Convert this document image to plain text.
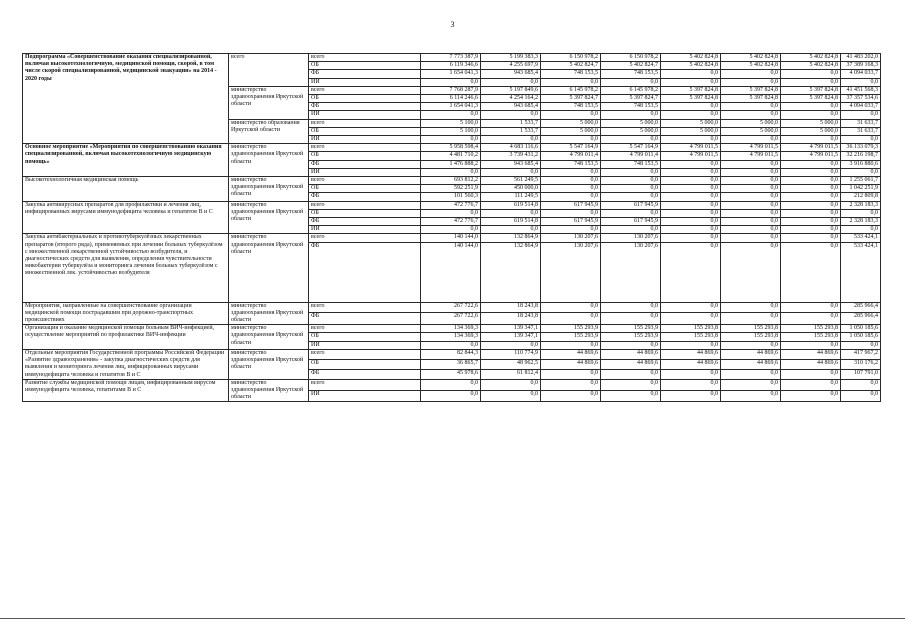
3
Подпрограмма «Совершенствование оказания специализированной, включая высокотехнологичную, медицинской помощи, скорой, в том числе скорой специализированной, медицинской эвакуации» на 2014 - 2020 годы	всего	всего	7 773 387,9	5 199 383,3	6 150 978,2	6 150 978,2	5 402 824,8	5 402 824,8	5 402 824,8	41 483 202,0	
		ОБ	6 119 346,6	4 255 697,9	5 402 824,7	5 402 824,7	5 402 824,8	5 402 824,8	5 402 824,8	37 389 168,3	
		ФБ	1 654 041,3	943 685,4	748 153,5	748 153,5	0,0	0,0	0,0	4 094 033,7	
		ИИ	0,0	0,0	0,0	0,0	0,0	0,0	0,0	0,0	
	министерство здравоохранения Иркутской области	всего	7 768 287,9	5 197 849,6	6 145 978,2	6 145 978,2	5 397 824,8	5 397 824,8	5 397 824,8	41 451 568,3	
		ОБ	6 114 246,6	4 254 164,2	5 397 824,7	5 397 824,7	5 397 824,8	5 397 824,8	5 397 824,8	37 357 534,6	
		ФБ	1 654 041,3	943 685,4	748 153,5	748 153,5	0,0	0,0	0,0	4 094 033,7	
		ИИ	0,0	0,0	0,0	0,0	0,0	0,0	0,0	0,0	
	министерство образования Иркутской области	всего	5 100,0	1 533,7	5 000,0	5 000,0	5 000,0	5 000,0	5 000,0	31 633,7	
		ОБ	5 100,0	1 533,7	5 000,0	5 000,0	5 000,0	5 000,0	5 000,0	31 633,7	
		ИИ	0,0	0,0	0,0	0,0	0,0	0,0	0,0	0,0	
Основное мероприятие «Мероприятия по совершенствованию оказания специализированной, включая высокотехнологичную медицинскую помощь»	министерство здравоохранения Иркутской области	всего	5 958 598,4	4 683 116,6	5 547 164,9	5 547 164,9	4 799 011,5	4 799 011,5	4 799 011,5	36 133 079,3	
		ОБ	4 481 710,2	3 739 431,2	4 799 011,4	4 799 011,4	4 799 011,5	4 799 011,5	4 799 011,5	32 216 198,7	
		ФБ	1 476 888,2	943 685,4	748 153,5	748 153,5	0,0	0,0	0,0	3 916 880,6	
		ИИ	0,0	0,0	0,0	0,0	0,0	0,0	0,0	0,0	
Высокотехнологичная медицинская помощь	министерство здравоохранения Иркутской области	всего	693 812,2	561 249,5	0,0	0,0	0,0	0,0	0,0	1 255 061,7	
		ОБ	592 251,9	450 000,0	0,0	0,0	0,0	0,0	0,0	1 042 251,9	
		ФБ	101 560,3	111 249,5	0,0	0,0	0,0	0,0	0,0	212 809,8	
Закупка антивирусных препаратов для профилактики и лечения лиц, инфицированных вирусами иммунодефицита человека и гепатитов В и С	министерство здравоохранения Иркутской области	всего	472 776,7	619 514,8	617 945,9	617 945,9	0,0	0,0	0,0	2 328 183,3	
		ОБ	0,0	0,0	0,0	0,0	0,0	0,0	0,0	0,0	
		ФБ	472 776,7	619 514,8	617 945,9	617 945,9	0,0	0,0	0,0	2 328 183,3	
		ИИ	0,0	0,0	0,0	0,0	0,0	0,0	0,0	0,0	
Закупка антибактериальных и противотуберкулёзных лекарственных препаратов (второго ряда), применяемых при лечении больных туберкулёзом с множественной лекарственной устойчивостью возбудителя, и диагностических средств для выявления, определения чувствительности микобактерии туберкулёза и мониторинга лечения больных туберкулёзом с множественной лек. устойчивостью возбудителя	министерство здравоохранения Иркутской области	всего	140 144,0	132 864,9	130 207,6	130 207,6	0,0	0,0	0,0	533 424,1	
		ФБ	140 144,0	132 864,9	130 207,6	130 207,6	0,0	0,0	0,0	533 424,1	
Мероприятия, направленные на совершенствование организации медицинской помощи пострадавшим при дорожно-транспортных происшествиях	министерство здравоохранения Иркутской области	всего	267 722,6	18 243,8	0,0	0,0	0,0	0,0	0,0	285 966,4	
		ФБ	267 722,6	18 243,8	0,0	0,0	0,0	0,0	0,0	285 966,4	
Организация и оказание медицинской помощи больным ВИЧ-инфекцией, осуществление мероприятий по профилактике ВИЧ-инфекции	министерство здравоохранения Иркутской области	всего	134 369,3	139 347,1	155 293,9	155 293,9	155 293,8	155 293,8	155 293,8	1 050 185,6	
		ОБ	134 369,3	139 347,1	155 293,9	155 293,9	155 293,8	155 293,8	155 293,8	1 050 185,6	
		ИИ	0,0	0,0	0,0	0,0	0,0	0,0	0,0	0,0	
Отдельные мероприятия Государственной программы Российской Федерации «Развитие здравоохранения» - закупка диагностических средств для выявления и мониторинга лечения лиц, инфицированных вирусами иммунодефицита человека и гепатитов В и С	министерство здравоохранения Иркутской области	всего	82 844,3	110 774,9	44 869,6	44 869,6	44 869,6	44 869,6	44 869,6	417 967,2	
		ОБ	36 865,7	48 962,5	44 869,6	44 869,6	44 869,6	44 869,6	44 869,6	310 176,2	
		ФБ	45 978,6	61 812,4	0,0	0,0	0,0	0,0	0,0	107 791,0	
Развитие службы медицинской помощи лицам, инфицированным вирусом иммунодефицита человека, гепатитами В и С	министерство здравоохранения Иркутской области	всего	0,0	0,0	0,0	0,0	0,0	0,0	0,0	0,0	
		ИИ	0,0	0,0	0,0	0,0	0,0	0,0	0,0	0,0	
